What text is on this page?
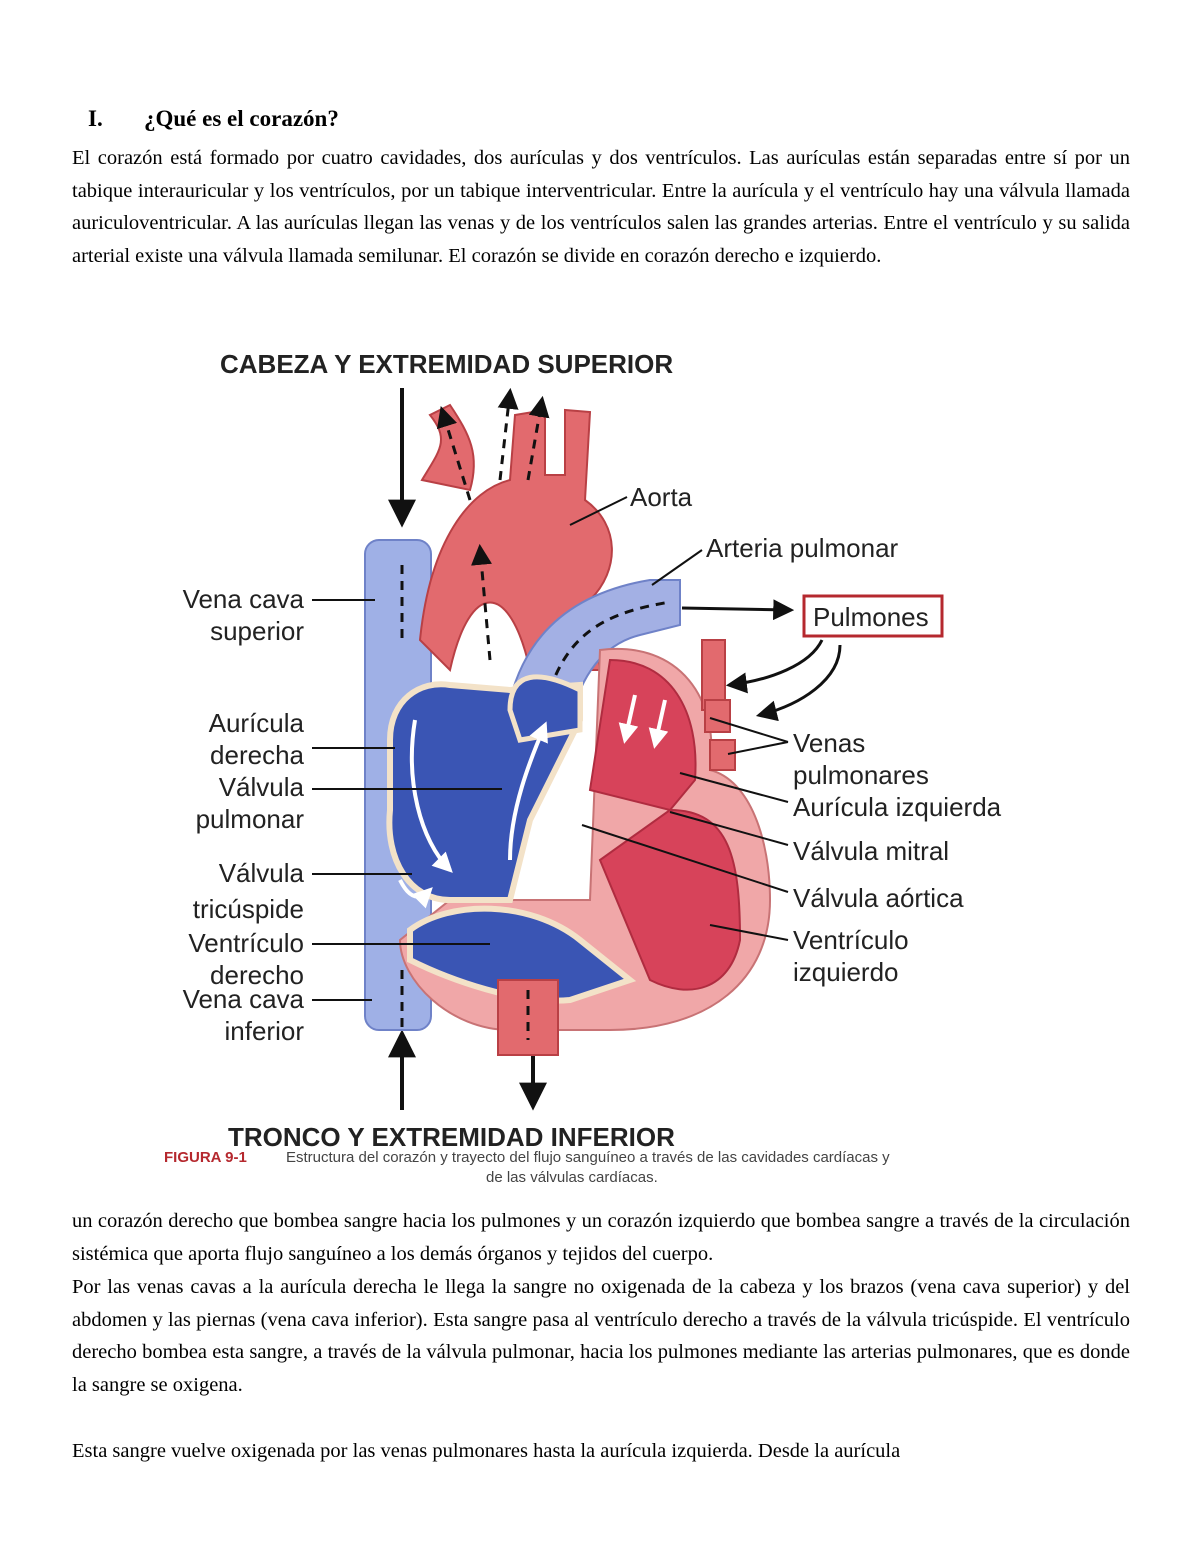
I. ¿Qué es el corazón?

El corazón está formado por cuatro cavidades, dos aurículas y dos ventrículos. Las aurículas están separadas entre sí por un tabique interauricular y los ventrículos, por un tabique interventricular. Entre la aurícula y el ventrículo hay una válvula llamada auriculoventricular. A las aurículas llegan las venas y de los ventrículos salen las grandes arterias. Entre el ventrículo y su salida arterial existe una válvula llamada semilunar. El corazón se divide en corazón derecho e izquierdo.

CABEZA Y EXTREMIDAD SUPERIOR
TRONCO Y EXTREMIDAD INFERIOR
Pulmones
Vena cava
superior
Aurícula
derecha
Válvula
pulmonar
Válvula
tricúspide
Ventrículo
derecho
Vena cava
inferior
Aorta
Arteria pulmonar
Venas
pulmonares
Aurícula izquierda
Válvula mitral
Válvula aórtica
Ventrículo
izquierdo
FIGURA 9-1	Estructura del corazón y trayecto del flujo sanguíneo a través de las cavidades cardíacas y
de las válvulas cardíacas.

un corazón derecho que bombea sangre hacia los pulmones y un corazón izquierdo que bombea sangre a través de la circulación sistémica que aporta flujo sanguíneo a los demás órganos y tejidos del cuerpo.

Por las venas cavas a la aurícula derecha le llega la sangre no oxigenada de la cabeza y los brazos (vena cava superior) y del abdomen y las piernas (vena cava inferior). Esta sangre pasa al ventrículo derecho a través de la válvula tricúspide. El ventrículo derecho bombea esta sangre, a través de la válvula pulmonar, hacia los pulmones mediante las arterias pulmonares, que es donde la sangre se oxigena.

Esta sangre vuelve oxigenada por las venas pulmonares hasta la aurícula izquierda. Desde la aurícula
